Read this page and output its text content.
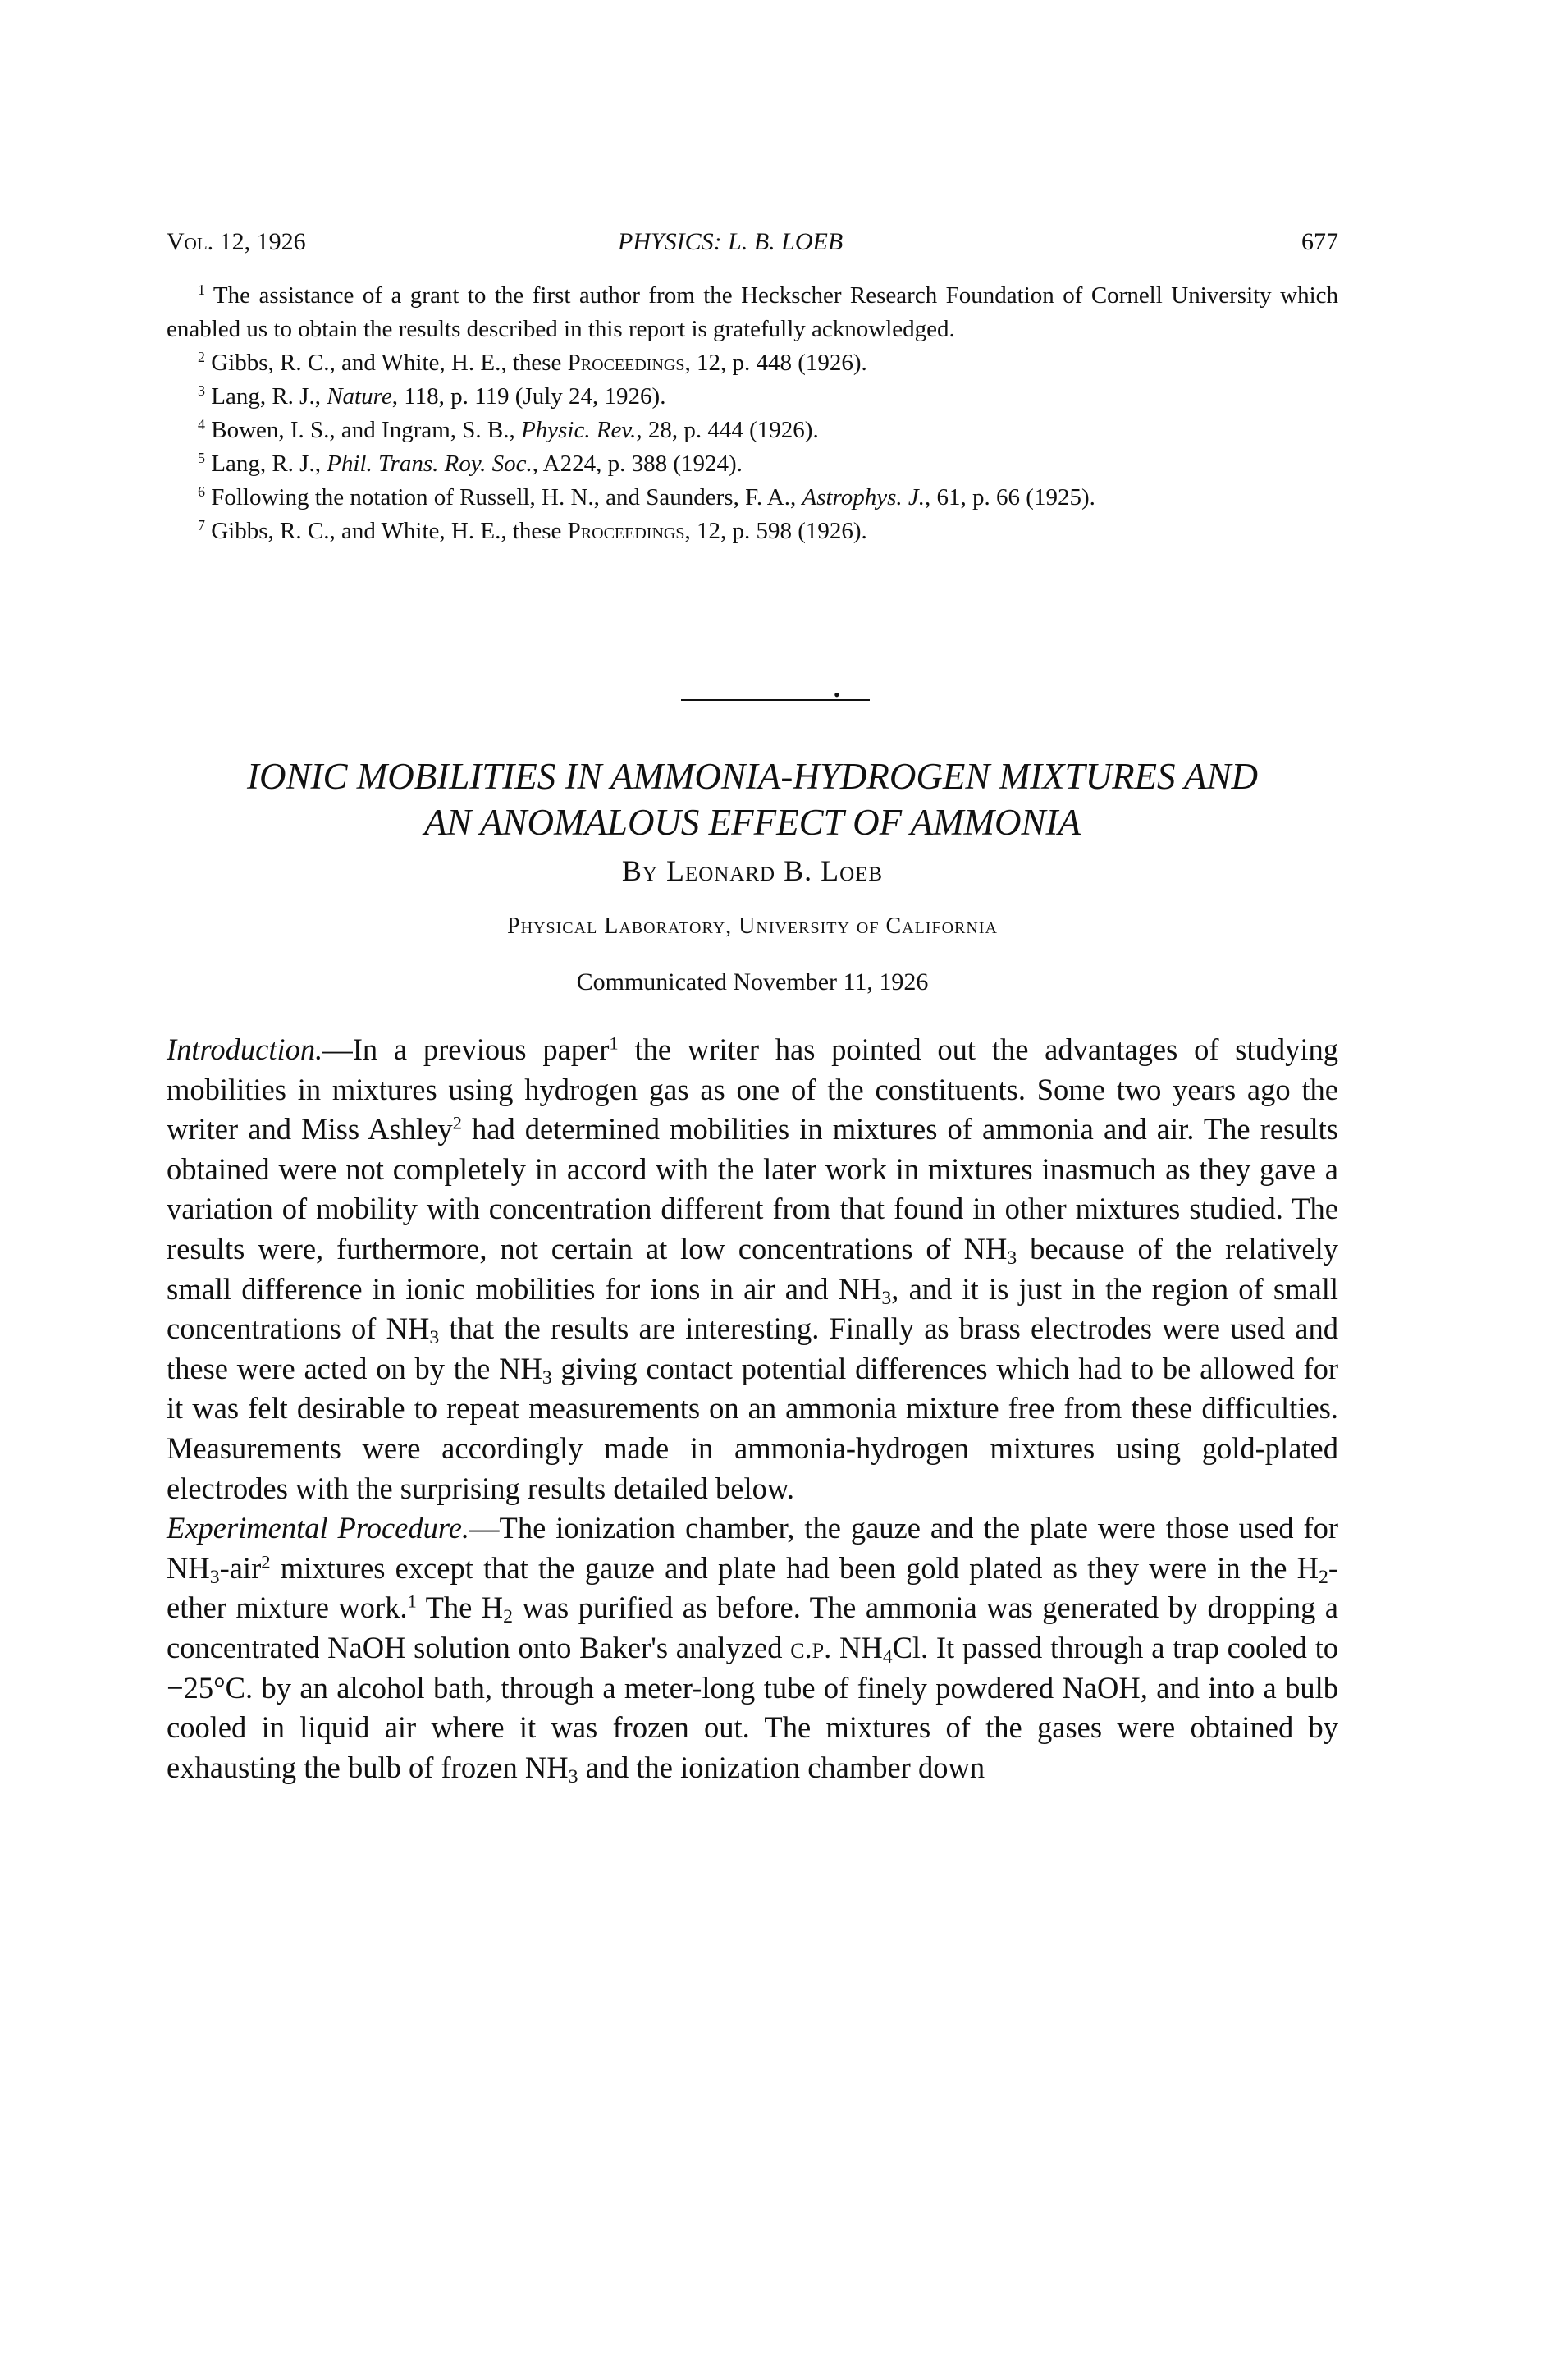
Vol. 12, 1926	PHYSICS: L. B. LOEB	677
$^1$ The assistance of a grant to the first author from the Heckscher Research Foundation of Cornell University which enabled us to obtain the results described in this report is gratefully acknowledged.
$^2$ Gibbs, R. C., and White, H. E., these Proceedings, 12, p. 448 (1926).
$^3$ Lang, R. J., Nature, 118, p. 119 (July 24, 1926).
$^4$ Bowen, I. S., and Ingram, S. B., Physic. Rev., 28, p. 444 (1926).
$^5$ Lang, R. J., Phil. Trans. Roy. Soc., A224, p. 388 (1924).
$^6$ Following the notation of Russell, H. N., and Saunders, F. A., Astrophys. J., 61, p. 66 (1925).
$^7$ Gibbs, R. C., and White, H. E., these Proceedings, 12, p. 598 (1926).
•
IONIC MOBILITIES IN AMMONIA-HYDROGEN MIXTURES AND
AN ANOMALOUS EFFECT OF AMMONIA
By Leonard B. Loeb
Physical Laboratory, University of California
Communicated November 11, 1926

Introduction.—In a previous paper$^1$ the writer has pointed out the advantages of studying mobilities in mixtures using hydrogen gas as one of the constituents. Some two years ago the writer and Miss Ashley$^2$ had determined mobilities in mixtures of ammonia and air. The results obtained were not completely in accord with the later work in mixtures inasmuch as they gave a variation of mobility with concentration different from that found in other mixtures studied. The results were, furthermore, not certain at low concentrations of $NH_3$ because of the relatively small difference in ionic mobilities for ions in air and $NH_3$, and it is just in the region of small concentrations of $NH_3$ that the results are interesting. Finally as brass electrodes were used and these were acted on by the $NH_3$ giving contact potential differences which had to be allowed for it was felt desirable to repeat measurements on an ammonia mixture free from these difficulties. Measurements were accordingly made in ammonia-hydrogen mixtures using gold-plated electrodes with the surprising results detailed below.

Experimental Procedure.—The ionization chamber, the gauze and the plate were those used for $NH_3-air^2$ mixtures except that the gauze and plate had been gold plated as they were in the $H_2$-ether mixture work.$^1$ The $H_2$ was purified as before. The ammonia was generated by dropping a concentrated NaOH solution onto Baker's analyzed c.p. $NH_4Cl$. It passed through a trap cooled to −25°C. by an alcohol bath, through a meter-long tube of finely powdered NaOH, and into a bulb cooled in liquid air where it was frozen out. The mixtures of the gases were obtained by exhausting the bulb of frozen $NH_3$ and the ionization chamber down
